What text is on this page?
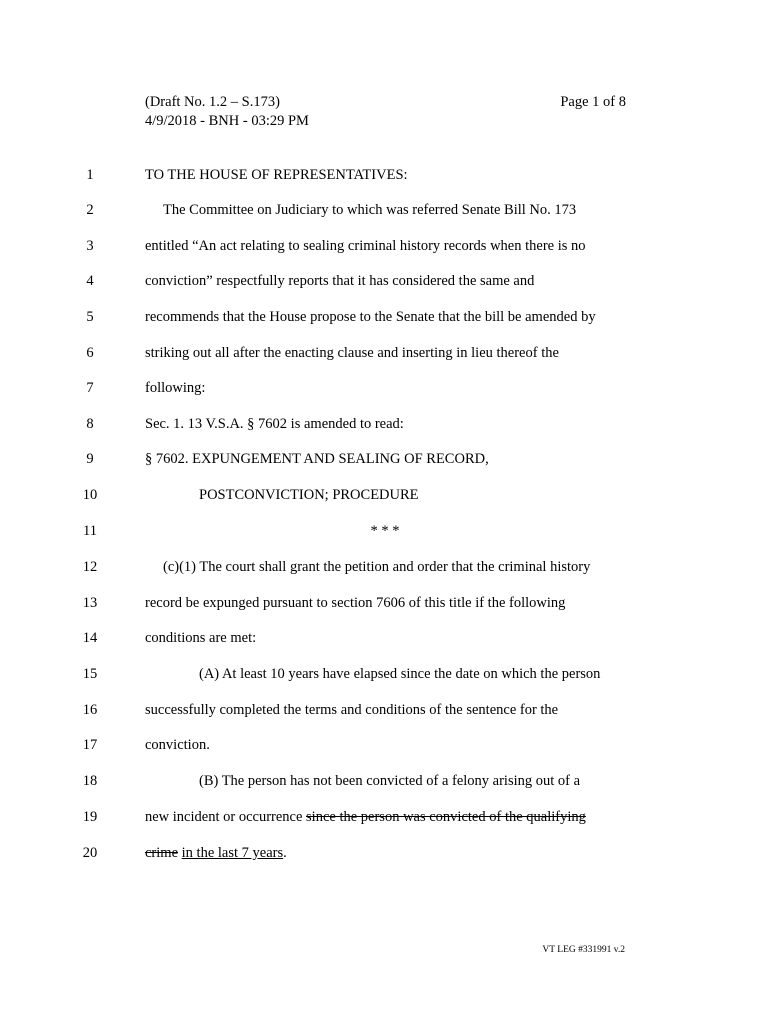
(Draft No. 1.2 – S.173)
4/9/2018 - BNH - 03:29 PM
Page 1 of 8
1	TO THE HOUSE OF REPRESENTATIVES:
2	The Committee on Judiciary to which was referred Senate Bill No. 173
3	entitled “An act relating to sealing criminal history records when there is no
4	conviction” respectfully reports that it has considered the same and
5	recommends that the House propose to the Senate that the bill be amended by
6	striking out all after the enacting clause and inserting in lieu thereof the
7	following:
8	Sec. 1. 13 V.S.A. § 7602 is amended to read:
9	§ 7602. EXPUNGEMENT AND SEALING OF RECORD,
10	POSTCONVICTION; PROCEDURE
11	* * *
12	(c)(1) The court shall grant the petition and order that the criminal history
13	record be expunged pursuant to section 7606 of this title if the following
14	conditions are met:
15	(A) At least 10 years have elapsed since the date on which the person
16	successfully completed the terms and conditions of the sentence for the
17	conviction.
18	(B) The person has not been convicted of a felony arising out of a
19	new incident or occurrence since the person was convicted of the qualifying
20	crime in the last 7 years.
VT LEG #331991 v.2
